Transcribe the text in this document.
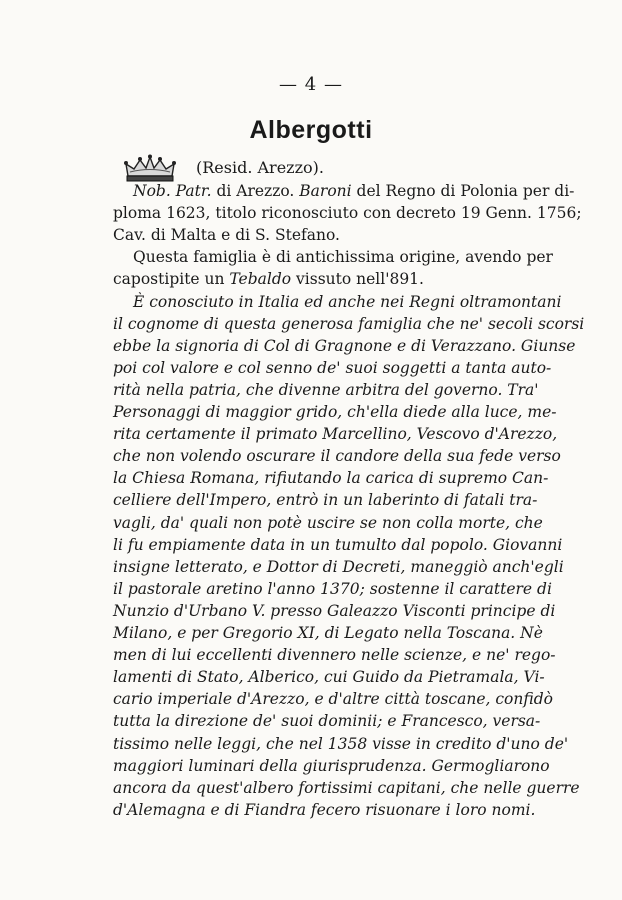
— 4 —
Albergotti
(Resid. Arezzo).
Nob. Patr. di Arezzo. Baroni del Regno di Polonia per di-
ploma 1623, titolo riconosciuto con decreto 19 Genn. 1756;
Cav. di Malta e di S. Stefano.
Questa famiglia è di antichissima origine, avendo per
capostipite un Tebaldo vissuto nell'891.
È conosciuto in Italia ed anche nei Regni oltramontani
il cognome di questa generosa famiglia che ne' secoli scorsi
ebbe la signoria di Col di Gragnone e di Verazzano. Giunse
poi col valore e col senno de' suoi soggetti a tanta auto-
rità nella patria, che divenne arbitra del governo. Tra'
Personaggi di maggior grido, ch'ella diede alla luce, me-
rita certamente il primato Marcellino, Vescovo d'Arezzo,
che non volendo oscurare il candore della sua fede verso
la Chiesa Romana, rifiutando la carica di supremo Can-
celliere dell'Impero, entrò in un laberinto di fatali tra-
vagli, da' quali non potè uscire se non colla morte, che
li fu empiamente data in un tumulto dal popolo. Giovanni
insigne letterato, e Dottor di Decreti, maneggiò anch'egli
il pastorale aretino l'anno 1370; sostenne il carattere di
Nunzio d'Urbano V. presso Galeazzo Visconti principe di
Milano, e per Gregorio XI, di Legato nella Toscana. Nè
men di lui eccellenti divennero nelle scienze, e ne' rego-
lamenti di Stato, Alberico, cui Guido da Pietramala, Vi-
cario imperiale d'Arezzo, e d'altre città toscane, confidò
tutta la direzione de' suoi dominii; e Francesco, versa-
tissimo nelle leggi, che nel 1358 visse in credito d'uno de'
maggiori luminari della giurisprudenza. Germogliarono
ancora da quest'albero fortissimi capitani, che nelle guerre
d'Alemagna e di Fiandra fecero risuonare i loro nomi.
